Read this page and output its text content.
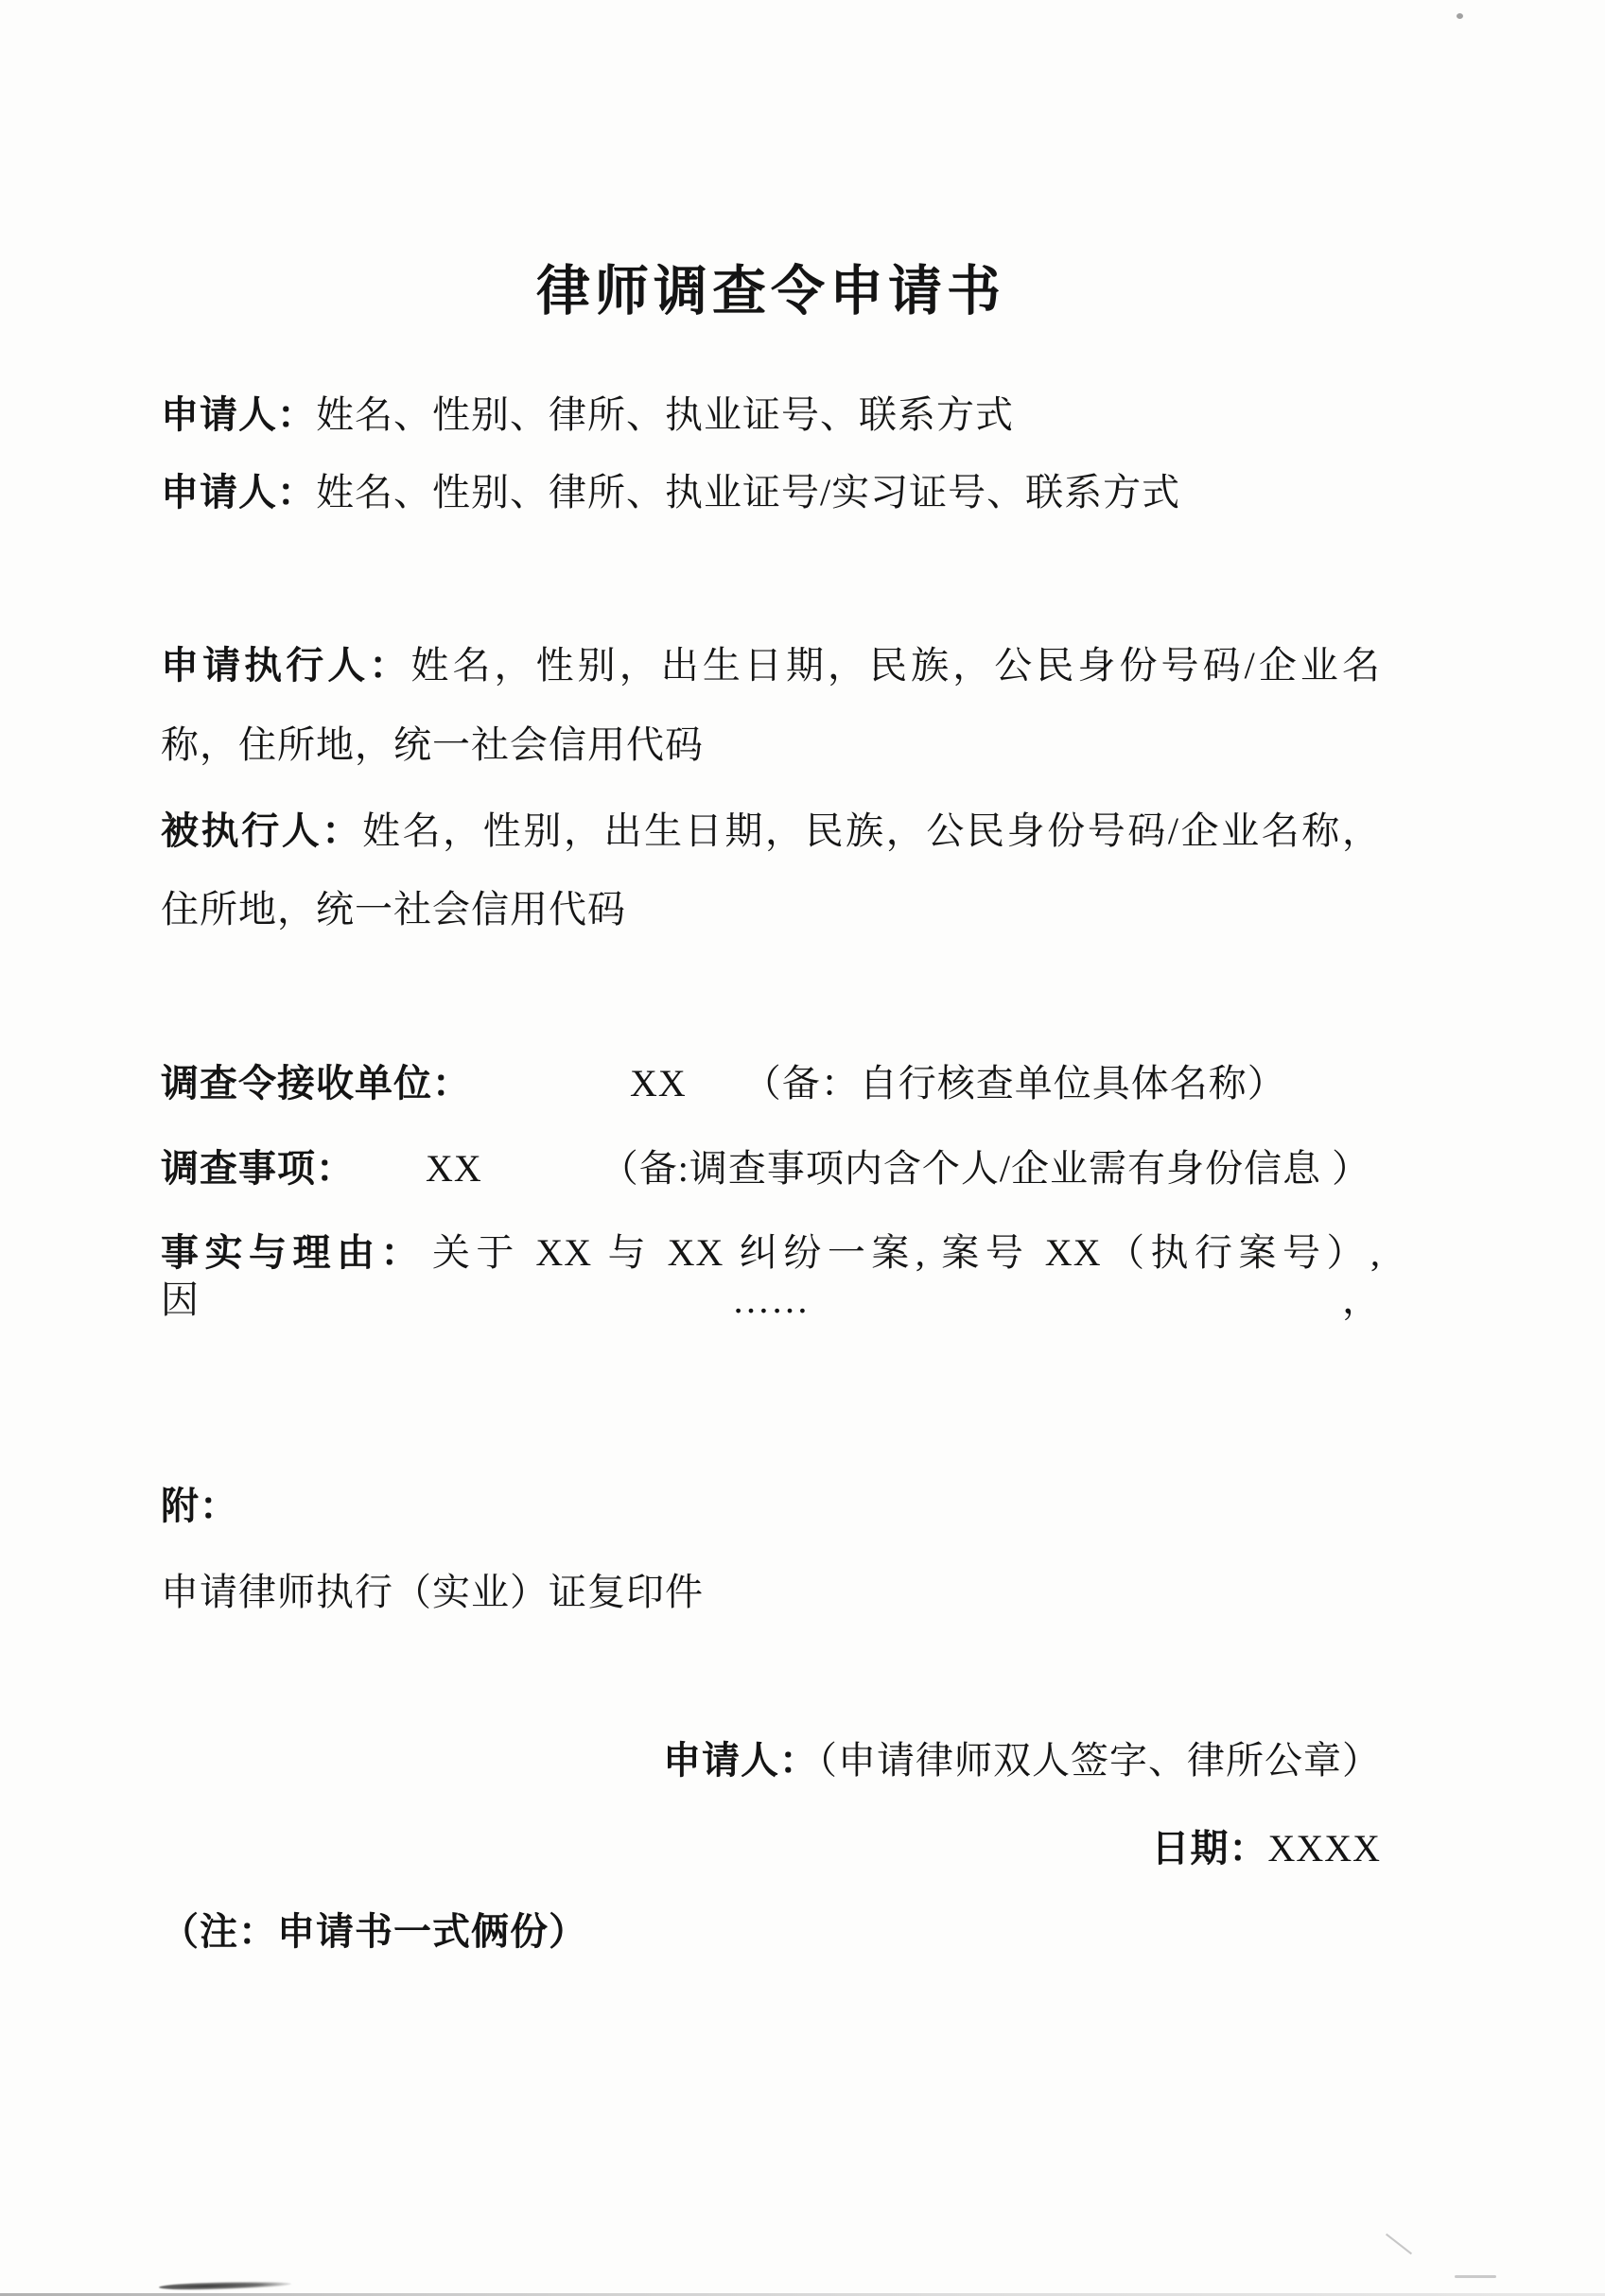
律师调查令申请书
申请人：姓名、性别、律所、执业证号、联系方式
申请人：姓名、性别、律所、执业证号/实习证号、联系方式
申请执行人：姓名，性别，出生日期，民族，公民身份号码/企业名
称，住所地，统一社会信用代码
被执行人：姓名，性别，出生日期，民族，公民身份号码/企业名称，
住所地，统一社会信用代码
调查令接收单位：	XX （备：自行核查单位具体名称）
调查事项： XX	（备:调查事项内含个人/企业需有身份信息 ）
事实与理由： 关于 XX 与 XX 纠纷一案, 案号 XX（执行案号）, 因……，
附：
申请律师执行（实业）证复印件
申请人：（申请律师双人签字、律所公章）
日期：XXXX
（注：申请书一式俩份）
